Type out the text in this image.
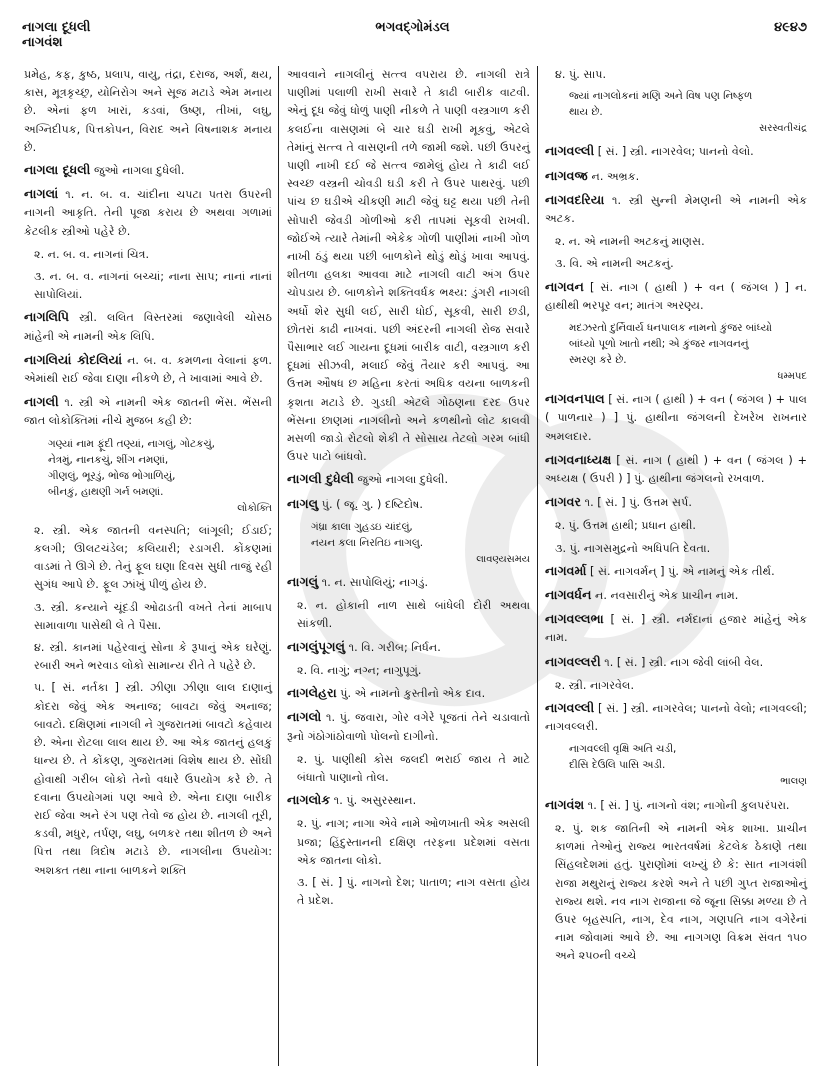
નાગલા દૂધલી
નાગવંશ
ભગવદ્ગોમંડલ	૪૯૪૭

પ્રમેહ, કફ, કુષ્ઠ, પ્રલાપ, વાયુ, તંદ્રા, દરાજ, અર્શ, ક્ષય, કાસ, મૂત્રકૃચ્છ્ર, યોનિરોગ અને સૂજ મટાડે એમ મનાય છે. એનાં ફળ ખારાં, કડવાં, ઉષ્ણ, તીખાં, લઘુ, અગ્નિદીપક, પિત્તકોપન, વિરાદ અને વિષનાશક મનાય છે.

નાગલા દૂધલી જુઓ નાગલા દુધેલી.

નાગલાં ૧. ન. બ. વ. ચાંદીના ચપટા પતરા ઉપરની નાગની આકૃતિ. તેની પૂજા કરાય છે અથવા ગળામાં કેટલીક સ્ત્રીઓ પહેરે છે.

૨. ન. બ. વ. નાગનાં ચિત્ર.

૩. ન. બ. વ. નાગનાં બચ્ચાં; નાના સાપ; નાનાં નાનાં સાપોલિયાં.

નાગલિપિ સ્ત્રી. લલિત વિસ્તરમાં જણાવેલી ચોસઠ માંહેની એ નામની એક લિપિ.

નાગલિયાં કોદલિયાં ન. બ. વ. કમળના વેલાનાં ફળ. એમાંથી રાઈ જેવા દાણા નીકળે છે, તે ખાવામાં આવે છે.

નાગલી ૧. સ્ત્રી એ નામની એક જાતની ભેંસ. ભેંસની જાત લોકોક્તિમાં નીચે મુજબ કહી છે:

ગણ્યાં નામ ફૂંદી તણ્યાં, નાગલું, ગોટકચું,

નેત્રમું, નાનકચું, શીંગ નમણાં,

ગીણલું, ભૂરડું, ભોજ ભોગાળિયું,

બીનકું, હાથણી ગર્ન બમણાં.

લોકોક્તિ

૨. સ્ત્રી. એક જાતની વનસ્પતિ; લાંગૂલી; ઈડાઈ; કલગી; ઊલટચંડેલ; કલિયારી; રડાગરી. કોંકણમાં વાડમાં તે ઊગે છે. તેનું ફૂલ ઘણા દિવસ સુધી તાજું રહી સુગંધ આપે છે. ફૂલ ઝાંખું પીળું હોય છે.

૩. સ્ત્રી. કન્યાને ચૂંદડી ઓઢાડતી વખતે તેનાં માબાપ સામાવાળા પાસેથી લે તે પૈસા.

૪. સ્ત્રી. કાનમાં પહેરવાનું સોના કે રૂપાનું એક ઘરેણું. રબારી અને ભરવાડ લોકો સામાન્ય રીતે તે પહેરે છે.

૫. [ સં. નર્તકા ] સ્ત્રી. ઝીણા ઝીણા લાલ દાણાનું કોદરા જેવું એક અનાજ; બાવટા જેવું અનાજ; બાવટો. દક્ષિણમાં નાગલી ને ગુજરાતમાં બાવટો કહેવાય છે. એના રોટલા લાલ થાય છે. આ એક જાતનું હલકું ધાન્ય છે. તે કોંકણ, ગુજરાતમાં વિશેષ થાય છે. સોંઘી હોવાથી ગરીબ લોકો તેનો વધારે ઉપયોગ કરે છે. તે દવાના ઉપયોગમાં પણ આવે છે. એના દાણા બારીક રાઈ જેવા અને રંગ પણ તેવો જ હોય છે. નાગલી તૂરી, કડવી, મધુર, તર્પણ, લઘુ, બળકર તથા શીતળ છે અને પિત્ત તથા ત્રિદોષ મટાડે છે. નાગલીના ઉપયોગ: અશક્ત તથા નાના બાળકને શક્તિ

આવવાને નાગલીનું સત્ત્વ વપરાય છે. નાગલી રાત્રે પાણીમાં પલાળી રાખી સવારે તે કાઢી બારીક વાટવી. એનું દૂધ જેવું ધોળું પાણી નીકળે તે પાણી વસ્ત્રગાળ કરી કલઈના વાસણમાં બે ચાર ઘડી રાખી મૂકવું, એટલે તેમાંનું સત્ત્વ તે વાસણની તળે જામી જશે. પછી ઉપરનું પાણી નાખી દઈ જે સત્ત્વ જામેલું હોય તે કાઢી લઈ સ્વચ્છ વસ્ત્રની ચોવડી ઘડી કરી તે ઉપર પાથરવું. પછી પાંચ છ ઘડીએ ચીકણી માટી જેવું ઘટ્ટ થયા પછી તેની સોપારી જેવડી ગોળીઓ કરી તાપમાં સૂકવી રાખવી. જોઈએ ત્યારે તેમાંની એકેક ગોળી પાણીમાં નાખી ગોળ નાખી ઠંડું થયા પછી બાળકોને થોડું થોડું ખાવા આપવું. શીતળા હલકા આવવા માટે નાગલી વાટી અંગ ઉપર ચોપડાય છે. બાળકોને શક્તિવર્ધક ભક્ષ્ય: ડુંગરી નાગલી અર્ધો શેર સુધી લઈ, સારી ધોઈ, સૂકવી, સારી છડી, છોતરાં કાઢી નાખવાં. પછી અંદરની નાગલી રોજ સવારે પૈસાભાર લઈ ગાયના દૂધમાં બારીક વાટી, વસ્ત્રગાળ કરી દૂધમાં સીઝવી, મલાઈ જેવું તૈયાર કરી આપવું. આ ઉત્તમ ઔષધ છ મહિના કરતાં અધિક વયના બાળકની કૃશતા મટાડે છે. ગુડઘી એટલે ગોઠણના દરદ ઉપર ભેંસના છાણમાં નાગલીનો અને કળથીનો લોટ કાલવી મસળી જાડો રોટલો શેકી તે સોસાય તેટલો ગરમ બાંધી ઉપર પાટો બાંધવો.

નાગલી દુધેલી જુઓ નાગલા દુધેલી.

નાગલુ પું. ( જૂ. ગુ. ) દષ્ટિદોષ.

ગંધ્રા કાલા ગુહડઇ ચાંદલું,

નયન કલા નિરતિઇ નાગલુ.

લાવણ્યસમય

નાગલું ૧. ન. સાપોલિયું; નાગડું.

૨. ન. હોકાની નાળ સાથે બાંધેલી દોરી અથવા સાંકળી.

નાગલુંપૂગલું ૧. વિ. ગરીબ; નિર્ધન.

૨. વિ. નાગું; નગ્ન; નાગુપૂગું.

નાગલેહરા પું. એ નામનો કુસ્તીનો એક દાવ.

નાગલો ૧. પું. જવારા, ગોર વગેરે પૂજતાં તેને ચડાવાતો રૂનો ગંઠોગાંઠોવાળો પોલનો દાગીનો.

૨. પું. પાણીથી કોસ જલદી ભરાઈ જાય તે માટે બંધાતો પાણાનો તોલ.

નાગલોક ૧. પું. અસુરસ્થાન.

૨. પું. નાગ; નાગા એવે નામે ઓળખાતી એક અસલી પ્રજા; હિંદુસ્તાનની દક્ષિણ તરફના પ્રદેશમાં વસતા એક જાતના લોકો.

૩. [ સં. ] પું. નાગનો દેશ; પાતાળ; નાગ વસતા હોય તે પ્રદેશ.

૪. પું. સાપ.

જ્યાં નાગલોકનાં મણિ અને વિષ પણ નિષ્ફળ

થાય છે.

સરસ્વતીચંદ્ર

નાગવલ્લી [ સં. ] સ્ત્રી. નાગરવેલ; પાનનો વેલો.

નાગવજ્ર ન. અભ્રક.

નાગવદરિયા ૧. સ્ત્રી સુન્ની મેમણની એ નામની એક અટક.

૨. ન. એ નામની અટકનું માણસ.

૩. વિ. એ નામની અટકનું.

નાગવન [ સં. નાગ ( હાથી ) + વન ( જંગલ ) ] ન. હાથીથી ભરપૂર વન; માતંગ અરણ્ય.

મદઝરતો દુર્નિવાર્ય ધનપાલક નામનો કુંજર બાંધ્યો

બાંધ્યો પૂળો ખાતો નથી; એ કુંજર નાગવનનું

સ્મરણ કરે છે.

ધમ્મપદ

નાગવનપાલ [ સં. નાગ ( હાથી ) + વન ( જંગલ ) + પાલ ( પાળનાર ) ] પું. હાથીના જંગલની દેખરેખ રાખનાર અમલદાર.

નાગવનાધ્યક્ષ [ સં. નાગ ( હાથી ) + વન ( જંગલ ) + અધ્યક્ષ ( ઉપરી ) ] પું. હાથીના જંગલનો રખવાળ.

નાગવર ૧. [ સં. ] પું. ઉત્તમ સર્પ.

૨. પું. ઉત્તમ હાથી; પ્રધાન હાથી.

૩. પું. નાગસમુદ્રનો અધિપતિ દેવતા.

નાગવર્મા [ સં. નાગવર્મન્ ] પું. એ નામનું એક તીર્થ.

નાગવર્ધન ન. નવસારીનું એક પ્રાચીન નામ.

નાગવલ્લભા [ સં. ] સ્ત્રી. નર્મદાનાં હજાર માંહેનું એક નામ.

નાગવલ્લરી ૧. [ સં. ] સ્ત્રી. નાગ જેવી લાંબી વેલ.

૨. સ્ત્રી. નાગરવેલ.

નાગવલ્લી [ સં. ] સ્ત્રી. નાગરવેલ; પાનનો વેલો; નાગવલ્લી; નાગવલ્લરી.

નાગવલ્લી વૃક્ષિ અતિ ચડી,

દીસિ દેઉલિ પાસિ અડી.

ભાલણ

નાગવંશ ૧. [ સં. ] પું. નાગનો વંશ; નાગોની કુલપરંપરા.

૨. પું. શક જાતિની એ નામની એક શાખા. પ્રાચીન કાળમાં તેઓનું રાજ્ય ભારતવર્ષમાં કેટલેક ઠેકાણે તથા સિંહલદેશમાં હતું. પુરાણોમાં લખ્યું છે કે: સાત નાગવંશી રાજા મથુરાનું રાજ્ય કરશે અને તે પછી ગુપ્ત રાજાઓનું રાજ્ય થશે. નવ નાગ રાજાના જે જૂના સિક્કા મળ્યા છે તે ઉપર બૃહસ્પતિ, નાગ, દેવ નાગ, ગણપતિ નાગ વગેરેનાં નામ જોવામાં આવે છે. આ નાગગણ વિક્રમ સંવત ૧૫૦ અને ૨૫૦ની વચ્ચે
